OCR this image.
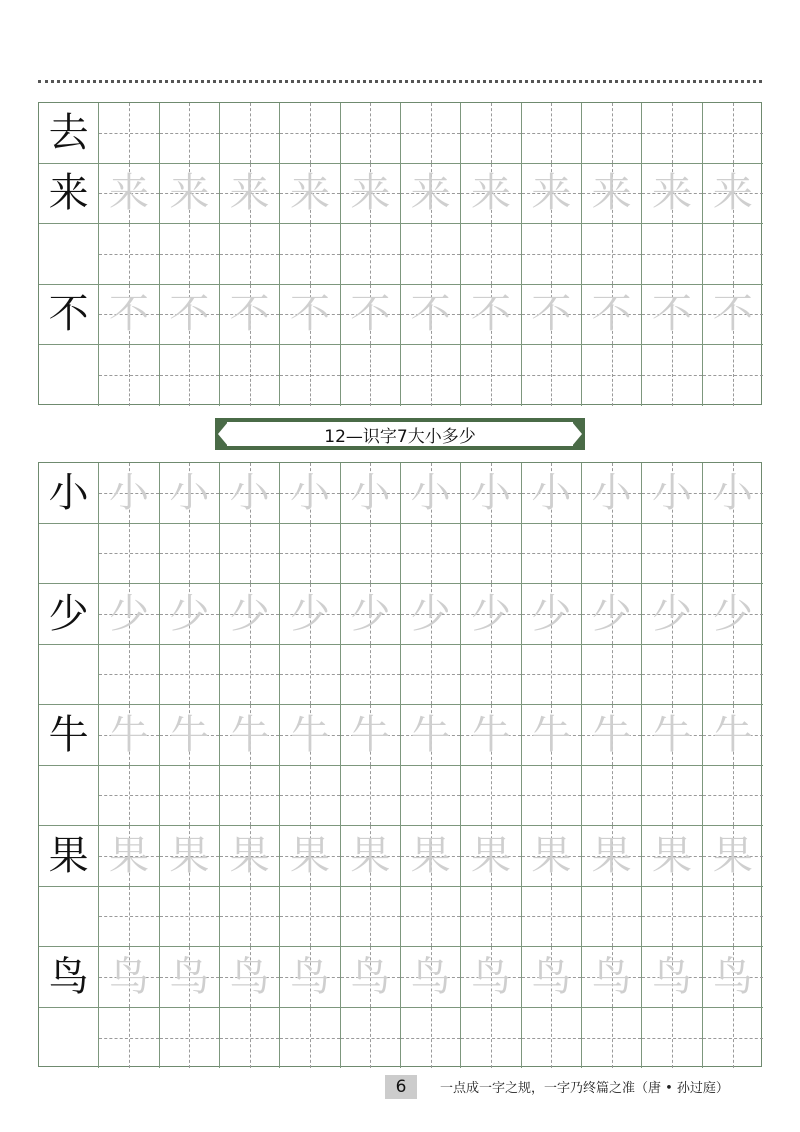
去
来 来 来 来 来 来 来 来 来 来 来 来
不 不 不 不 不 不 不 不 不 不 不 不
12—识字7大小多少
小 小 小 小 小 小 小 小 小 小 小 小
少 少 少 少 少 少 少 少 少 少 少 少
牛 牛 牛 牛 牛 牛 牛 牛 牛 牛 牛 牛
果 果 果 果 果 果 果 果 果 果 果 果
鸟 鸟 鸟 鸟 鸟 鸟 鸟 鸟 鸟 鸟 鸟 鸟
6	一点成一字之规，一字乃终篇之准（唐 • 孙过庭）
